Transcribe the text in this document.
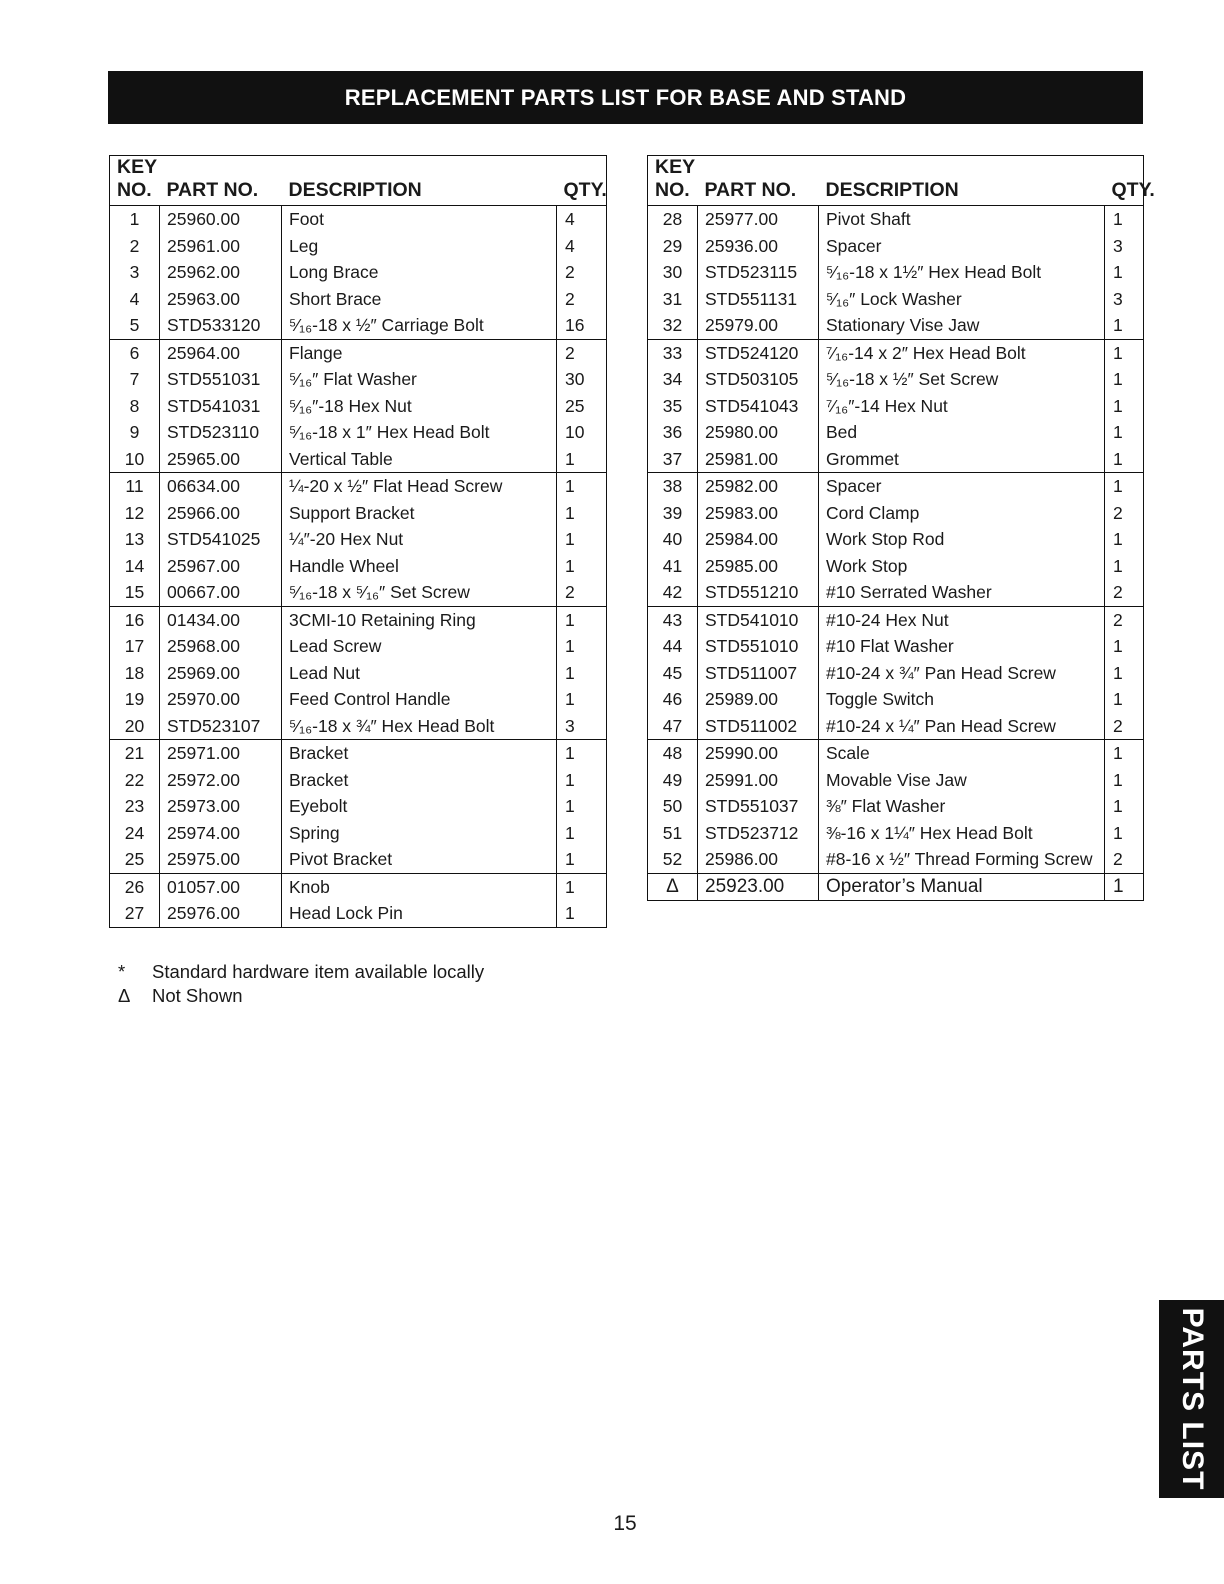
REPLACEMENT PARTS LIST FOR BASE AND STAND
KEY
NO.	PART NO.	DESCRIPTION	QTY.
1	25960.00	Foot	4
2	25961.00	Leg	4
3	25962.00	Long Brace	2
4	25963.00	Short Brace	2
5	STD533120	⁵⁄₁₆-18 x ½″ Carriage Bolt	16
6	25964.00	Flange	2
7	STD551031	⁵⁄₁₆″ Flat Washer	30
8	STD541031	⁵⁄₁₆″-18 Hex Nut	25
9	STD523110	⁵⁄₁₆-18 x 1″ Hex Head Bolt	10
10	25965.00	Vertical Table	1
11	06634.00	¼-20 x ½″ Flat Head Screw	1
12	25966.00	Support Bracket	1
13	STD541025	¼″-20 Hex Nut	1
14	25967.00	Handle Wheel	1
15	00667.00	⁵⁄₁₆-18 x ⁵⁄₁₆″ Set Screw	2
16	01434.00	3CMI-10 Retaining Ring	1
17	25968.00	Lead Screw	1
18	25969.00	Lead Nut	1
19	25970.00	Feed Control Handle	1
20	STD523107	⁵⁄₁₆-18 x ¾″ Hex Head Bolt	3
21	25971.00	Bracket	1
22	25972.00	Bracket	1
23	25973.00	Eyebolt	1
24	25974.00	Spring	1
25	25975.00	Pivot Bracket	1
26	01057.00	Knob	1
27	25976.00	Head Lock Pin	1
KEY
NO.	PART NO.	DESCRIPTION	QTY.
28	25977.00	Pivot Shaft	1
29	25936.00	Spacer	3
30	STD523115	⁵⁄₁₆-18 x 1½″ Hex Head Bolt	1
31	STD551131	⁵⁄₁₆″ Lock Washer	3
32	25979.00	Stationary Vise Jaw	1
33	STD524120	⁷⁄₁₆-14 x 2″ Hex Head Bolt	1
34	STD503105	⁵⁄₁₆-18 x ½″ Set Screw	1
35	STD541043	⁷⁄₁₆″-14 Hex Nut	1
36	25980.00	Bed	1
37	25981.00	Grommet	1
38	25982.00	Spacer	1
39	25983.00	Cord Clamp	2
40	25984.00	Work Stop Rod	1
41	25985.00	Work Stop	1
42	STD551210	#10 Serrated Washer	2
43	STD541010	#10-24 Hex Nut	2
44	STD551010	#10 Flat Washer	1
45	STD511007	#10-24 x ¾″ Pan Head Screw	1
46	25989.00	Toggle Switch	1
47	STD511002	#10-24 x ¼″ Pan Head Screw	2
48	25990.00	Scale	1
49	25991.00	Movable Vise Jaw	1
50	STD551037	⅜″ Flat Washer	1
51	STD523712	⅜-16 x 1¼″ Hex Head Bolt	1
52	25986.00	#8-16 x ½″ Thread Forming Screw	2
Δ	25923.00	Operator’s Manual	1
* Standard hardware item available locally
Δ Not Shown
15
PARTS LIST
